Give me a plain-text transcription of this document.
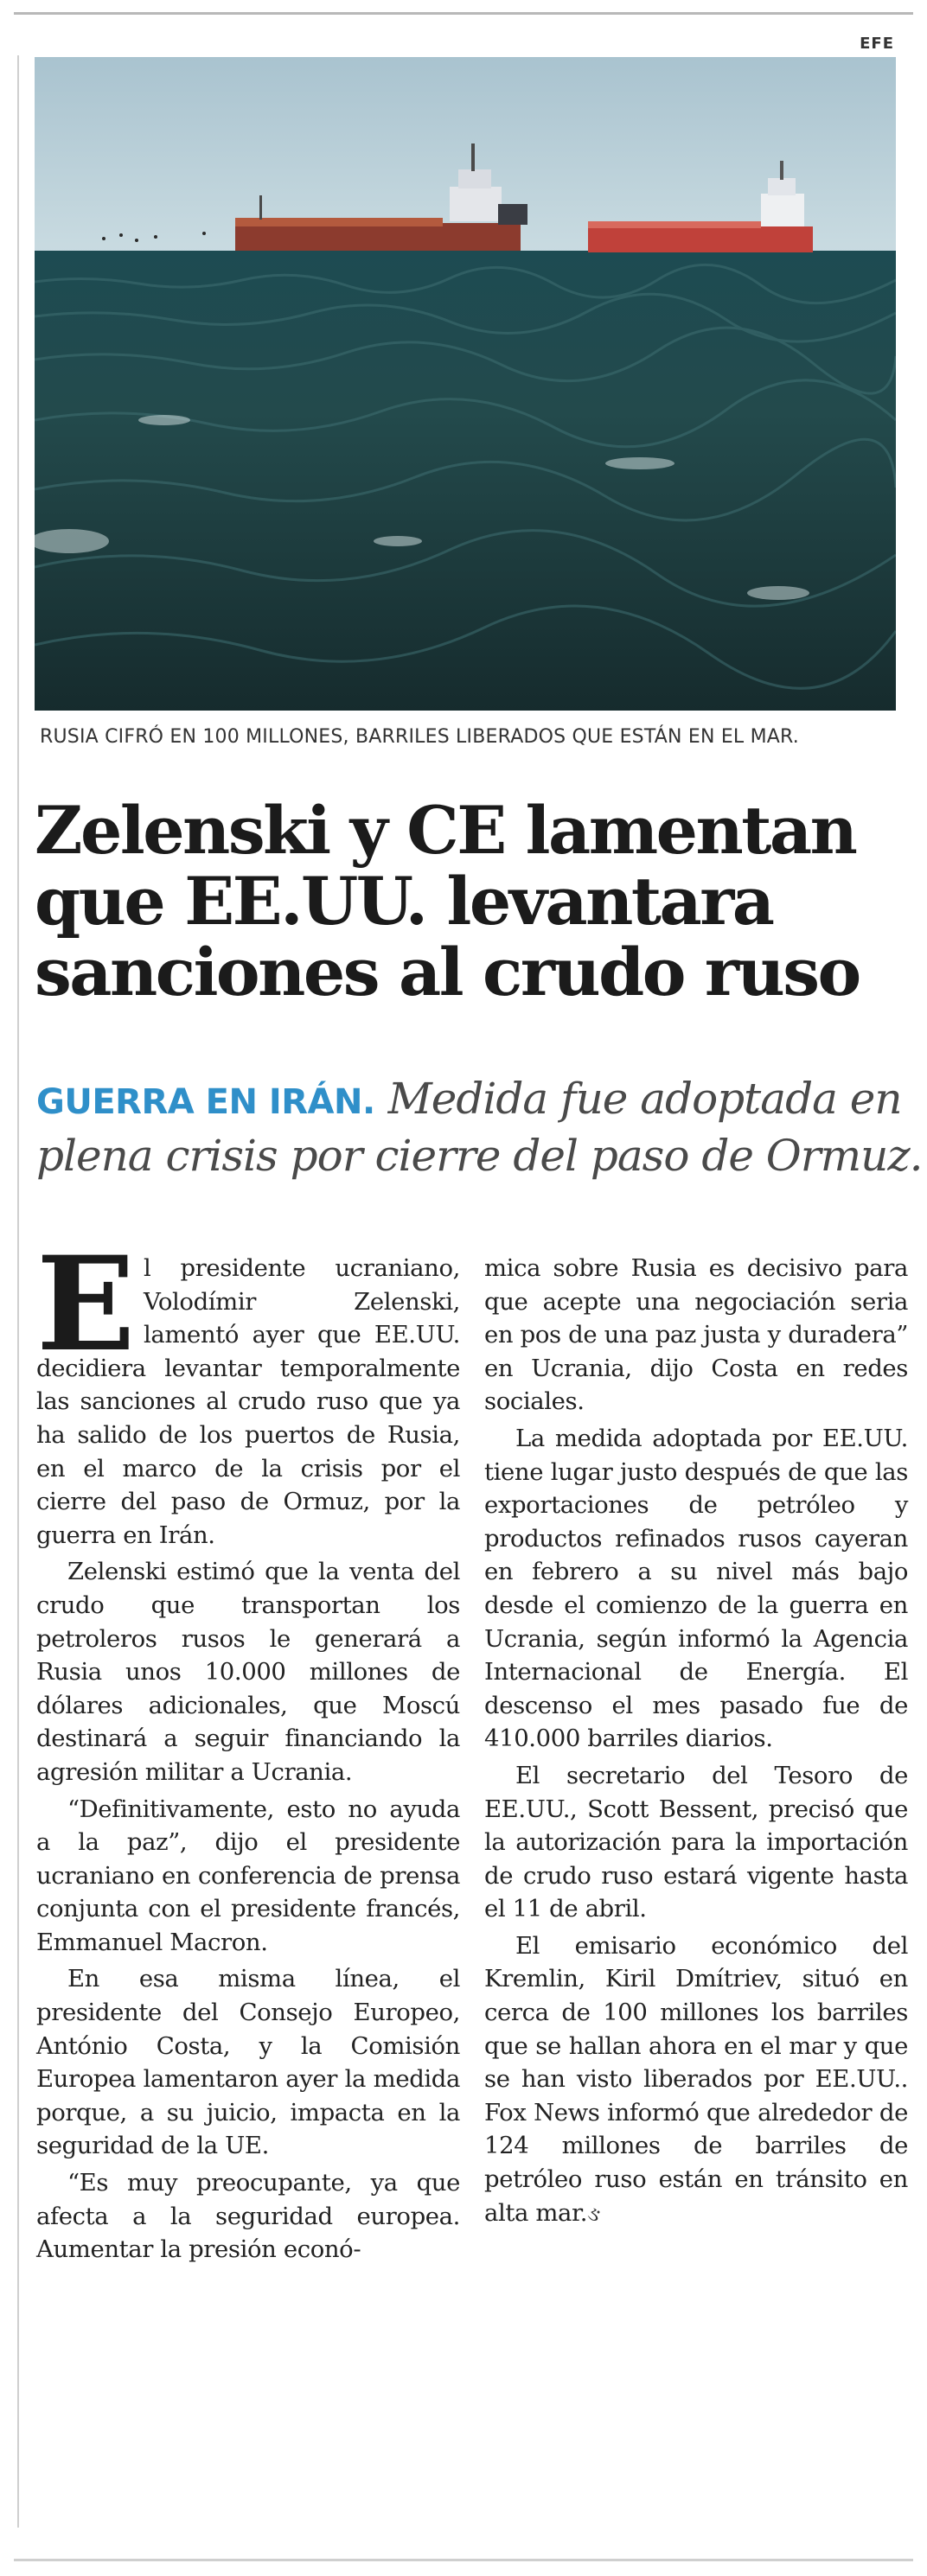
EFE
RUSIA CIFRÓ EN 100 MILLONES, BARRILES LIBERADOS QUE ESTÁN EN EL MAR.
Zelenski y CE lamentan
que EE.UU. levantara
sanciones al crudo ruso
GUERRA EN IRÁN. Medida fue adoptada en
plena crisis por cierre del paso de Ormuz.

El presidente ucraniano, Volodímir Zelenski, lamentó ayer que EE.UU. decidiera levantar temporalmente las sanciones al crudo ruso que ya ha salido de los puertos de Rusia, en el marco de la crisis por el cierre del paso de Ormuz, por la guerra en Irán.

Zelenski estimó que la venta del crudo que transportan los petroleros rusos le generará a Rusia unos 10.000 millones de dólares adicionales, que Moscú destinará a seguir financiando la agresión militar a Ucrania.

“Definitivamente, esto no ayuda a la paz”, dijo el presidente ucraniano en conferencia de prensa conjunta con el presidente francés, Emmanuel Macron.

En esa misma línea, el presidente del Consejo Europeo, António Costa, y la Comisión Europea lamentaron ayer la medida porque, a su juicio, impacta en la seguridad de la UE.

“Es muy preocupante, ya que afecta a la seguridad europea. Aumentar la presión econó-

mica sobre Rusia es decisivo para que acepte una negociación seria en pos de una paz justa y duradera” en Ucrania, dijo Costa en redes sociales.

La medida adoptada por EE.UU. tiene lugar justo después de que las exportaciones de petróleo y productos refinados rusos cayeran en febrero a su nivel más bajo desde el comienzo de la guerra en Ucrania, según informó la Agencia Internacional de Energía. El descenso el mes pasado fue de 410.000 barriles diarios.

El secretario del Tesoro de EE.UU., Scott Bessent, precisó que la autorización para la importación de crudo ruso estará vigente hasta el 11 de abril.

El emisario económico del Kremlin, Kiril Dmítriev, situó en cerca de 100 millones los barriles que se hallan ahora en el mar y que se han visto liberados por EE.UU.. Fox News informó que alrededor de 124 millones de barriles de petróleo ruso están en tránsito en alta mar.ઙ
